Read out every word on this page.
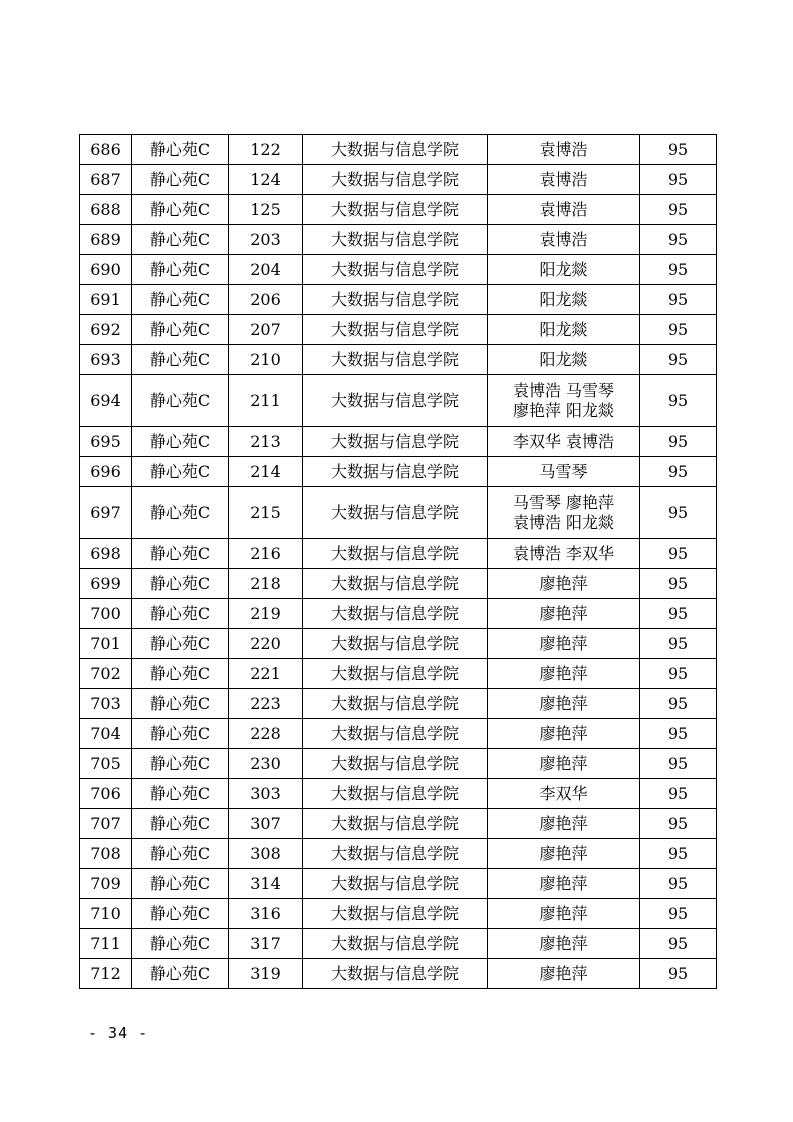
686	静心苑C	122	大数据与信息学院	袁博浩	95
687	静心苑C	124	大数据与信息学院	袁博浩	95
688	静心苑C	125	大数据与信息学院	袁博浩	95
689	静心苑C	203	大数据与信息学院	袁博浩	95
690	静心苑C	204	大数据与信息学院	阳龙燚	95
691	静心苑C	206	大数据与信息学院	阳龙燚	95
692	静心苑C	207	大数据与信息学院	阳龙燚	95
693	静心苑C	210	大数据与信息学院	阳龙燚	95
694	静心苑C	211	大数据与信息学院	袁博浩 马雪琴
廖艳萍 阳龙燚	95
695	静心苑C	213	大数据与信息学院	李双华 袁博浩	95
696	静心苑C	214	大数据与信息学院	马雪琴	95
697	静心苑C	215	大数据与信息学院	马雪琴 廖艳萍
袁博浩 阳龙燚	95
698	静心苑C	216	大数据与信息学院	袁博浩 李双华	95
699	静心苑C	218	大数据与信息学院	廖艳萍	95
700	静心苑C	219	大数据与信息学院	廖艳萍	95
701	静心苑C	220	大数据与信息学院	廖艳萍	95
702	静心苑C	221	大数据与信息学院	廖艳萍	95
703	静心苑C	223	大数据与信息学院	廖艳萍	95
704	静心苑C	228	大数据与信息学院	廖艳萍	95
705	静心苑C	230	大数据与信息学院	廖艳萍	95
706	静心苑C	303	大数据与信息学院	李双华	95
707	静心苑C	307	大数据与信息学院	廖艳萍	95
708	静心苑C	308	大数据与信息学院	廖艳萍	95
709	静心苑C	314	大数据与信息学院	廖艳萍	95
710	静心苑C	316	大数据与信息学院	廖艳萍	95
711	静心苑C	317	大数据与信息学院	廖艳萍	95
712	静心苑C	319	大数据与信息学院	廖艳萍	95
- 34 -
